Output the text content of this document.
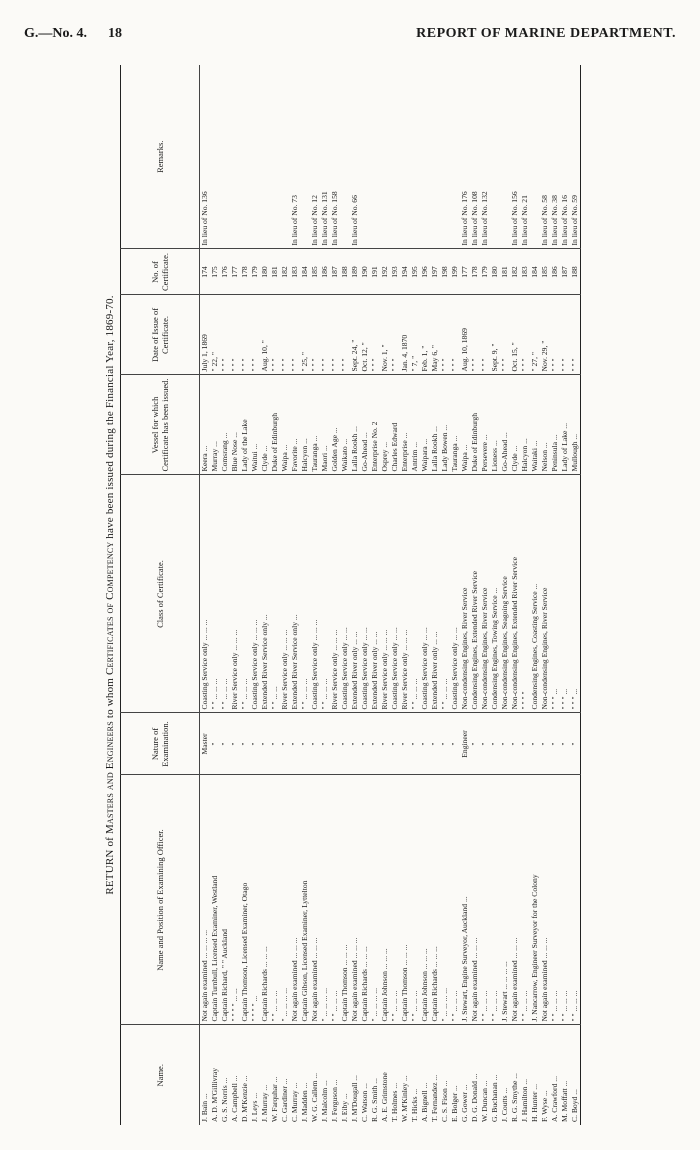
G.—No. 4. 18	REPORT OF MARINE DEPARTMENT.
RETURN of Masters and Engineers to whom Certificates of Competency have been issued during the Financial Year, 1869-70.
Name.	Name and Position of Examining Officer.	Nature of Examination.	Class of Certificate.	Vessel for which Certificate has been issued.	Date of Issue of Certificate.	No. of Certificate.	Remarks.
J. Bain ...	Not again examined ... ... ... ...	Master	Coasting Service only ... ... ...	Keera ...	July 1, 1869	174	In lieu of No. 136
A. D. M'Gillivray	Captain Turnbull, Licensed Examiner, Westland	"	" " ... ... ...	Murray ...	" 22, "	175	
G. S. Norris ...	Captain Richard, " " Auckland	"	" " ... ... ...	Comsrang ...	" " "	176	
A. Campbell ...	" " " " ... ...	"	River Service only ... ... ...	Blue Nose ...	" " "	177	
D. M'Kenzie ...	Captain Thomson, Licensed Examiner, Otago	"	" " ... ... ...	Lady of the Lake	" " "	178	
J. Leys ...	" " " " ...	"	Coasting Service only ... ... ...	Waitui ...	" " "	179	
J. Murray ...	Captain Richards ... ... ...	"	Extended River Service only ...	Clyde ...	Aug. 10, "	180	
W. Farquhar ...	" " ... ... ...	"	" " ... ...	Duke of Edinburgh	" " "	181	
C. Gardiner ...	" ... ... ... ...	"	River Service only ... ... ...	Waipa ...	" " "	182	
C. Murray ...	Not again examined ... ... ...	"	Extended River Service only ...	Favorite ...	" " "	183	In lieu of No. 73
J. Madden ...	Captain Gibson, Licensed Examiner, Lyttelton	"	" " ... ... ...	Halcyon ...	" 25, "	184	
W. G. Callem ...	Not again examined ... ... ...	"	Coasting Service only ... ... ...	Tauranga ...	" " "	185	In lieu of No. 12
J. Malcolm ...	" ... ... ... ...	"	" " ... ... ...	Maori ...	" " "	186	In lieu of No. 131
J. Ferguson ...	" " ... ... ...	"	River Service only ... ... ...	Golden Age ...	" " "	187	In lieu of No. 158
J. Eiby ...	Captain Thomson ... ... ...	"	Coasting Service only ... ...	Waikato ...	" " "	188	
J. M'Dougall ...	Not again examined ... ... ...	"	Extended River only ... ...	Lalla Rookh ...	Sept. 24, "	189	In lieu of No. 66
C. Watson ...	Captain Richards ... ... ...	"	Coasting Service only ... ...	Go-Ahead ...	Oct. 12, "	190	
R. G. Smith ...	" ... ... ... ...	"	Extended River only ... ...	Enterprise No. 2	" " "	191	
A. E. Grimstone	Captain Johnson ... ... ...	"	River Service only ... ... ...	Osprey ...	Nov. 1, "	192	
T. Holmes ...	" " ... ... ...	"	Coasting Service only ... ...	Charles Edward	" " "	193	
W. M'Kinley ...	Captain Thomson ... ... ...	"	River Service only ... ... ...	Enterprise ...	Jan. 4, 1870	194	
T. Hicks ...	" " ... ... ...	"	" " ... ... ...	Antrim ...	" 7, "	195	
A. Bignell ...	Captain Johnson ... ... ...	"	Coasting Service only ... ...	Waipara ...	Feb. 1, "	196	
T. Fernandez ...	Captain Richards ... ... ...	"	Extended River only ... ...	Lalla Rookh ...	May 6, "	197	
C. S. Fison ...	" ... ... ... ...	"	" " ... ... ...	Lady Bowen ...	" " "	198	
E. Bolger ...	" " ... ... ...	"	Coasting Service only ... ...	Tauranga ...	" " "	199	
G. Gower ...	J. Stewart, Engine Surveyor, Auckland ...	Engineer	Non-condensing Engines, River Service	Waipa ...	Aug. 10, 1869	177	In lieu of No. 176
D. G. Donald ...	Not again examined ... ... ...	"	Condensing Engines, Extended River Service	Duke of Edinburgh	" " "	178	In lieu of No. 108
W. Duncan ...	" " ... ... ...	"	Non-condensing Engines, River Service	Persevere ...	" " "	179	In lieu of No. 132
G. Buchanan ...	" " ... ... ...	"	Condensing Engines, Towing Service ...	Lioness ...	Sept. 9, "	180	
J. Coutts ...	J. Stewart ... ... ... ...	"	Non-condensing Engines, Seagoing Service	Go-Ahead ...	" " "	181	
R. G. Smythe ...	Not again examined ... ... ...	"	Non-condensing Engines, Extended River Service	Clyde ...	Oct. 15, "	182	In lieu of No. 156
J. Hamilton ...	" " ... ... ...	"	" " " "	Halcyon ...	" " "	183	In lieu of No. 21
H. Hunter ...	J. Nancarrow, Engineer Surveyor for the Colony	"	Condensing Engines, Coasting Service ...	Waitaki ...	" 27, "	184	
F. Wyse ...	Not again examined ... ... ...	"	Non-condensing Engines, River Service	Nelson ...	Nov. 29, "	185	In lieu of No. 58
A. Crawford ...	" " ... ... ...	"	" " " ...	Peninsula ...	" " "	186	In lieu of No. 38
M. Moffatt ...	" " ... ... ...	"	" " " ...	Lady of Lake ...	" " "	187	In lieu of No. 16
C. Boyd ...	" " ... ... ...	"	" " " ...	Mullough ...	" " "	188	In lieu of No. 59
